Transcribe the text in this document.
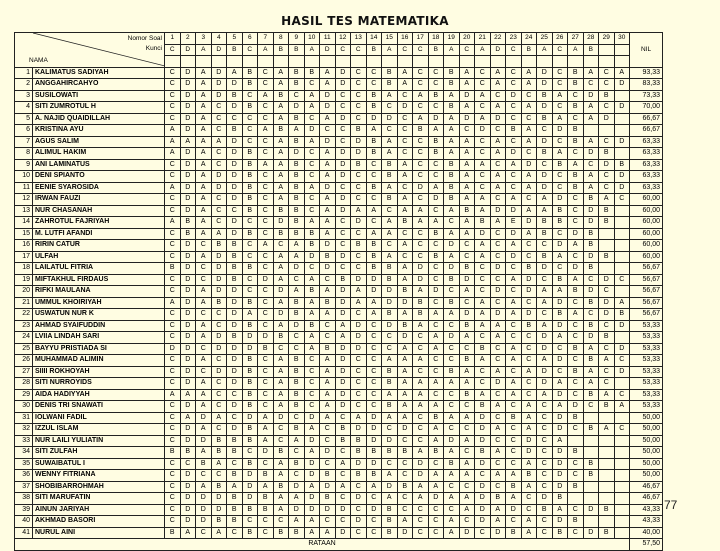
HASIL TES MATEMATIKA
Nomor Soal
Kunci
NAMA		1	2	3	4	5	6	7	8	9	10	11	12	13	14	15	16	17	18	19	20	21	22	23	24	25	26	27	28	29	30	NIL
		C	D	A	D	B	C	A	B	B	A	D	C	C	B	A	C	C	B	A	C	A	D	C	B	A	C	A	B			

1	KALIMATUS SADIYAH	C	D	A	D	A	B	C	A	B	B	A	D	C	C	B	A	C	C	B	A	C	A	C	A	D	C	B	A	C	A	93,33
2	ANGGAHIRCAHYO	C	D	A	D	D	B	C	A	B	C	A	D	C	C	B	A	C	C	B	A	C	A	C	A	D	C	B	C	C	D	83,33
3	SUSILOWATI	C	D	A	D	B	C	A	B	C	A	D	C	C	B	A	C	A	B	A	D	A	C	D	C	B	A	C	D	B		73,33
4	SITI ZUMROTUL H	C	D	A	C	D	B	C	A	D	A	D	C	C	B	C	D	C	C	B	A	C	A	C	A	D	C	B	A	C	D	70,00
5	A. NAJID QUAIDILLAH	C	D	A	C	C	C	C	A	B	C	A	D	C	D	D	C	A	D	A	D	A	D	C	C	B	A	C	A	D		66,67
6	KRISTINA AYU	A	D	A	C	B	C	A	B	A	D	C	C	B	A	C	C	B	A	A	C	D	C	B	A	C	D	B				66,67
7	AGUS SALIM	A	A	A	A	D	C	C	A	B	A	D	C	D	B	A	C	C	B	A	A	C	A	C	A	D	C	B	A	C	D	63,33
8	ALIMUL HAKIM	A	D	A	C	D	B	C	A	D	C	A	D	D	B	A	C	C	B	A	A	C	A	D	C	B	A	C	D	B		63,33
9	ANI LAMINATUS	C	D	A	C	D	B	A	A	B	C	A	D	B	C	B	A	C	C	B	A	A	C	A	D	C	B	A	C	D	B	63,33
10	DENI SPIANTO	C	D	A	D	D	B	C	A	B	C	A	D	C	C	B	A	C	C	B	A	C	A	C	A	D	C	B	A	C	D	63,33
11	EENIE SYAROSIDA	A	D	A	D	D	B	C	A	B	A	D	C	C	B	A	C	D	A	B	A	C	A	C	A	D	C	B	A	C	D	63,33
12	IRWAN FAUZI	C	D	A	C	D	B	C	A	B	C	A	D	C	C	B	A	C	D	B	A	A	C	A	C	A	D	C	B	A	C	60,00
13	NUR CHASANAH	C	D	A	C	C	B	C	B	B	C	A	D	A	A	C	A	A	C	A	B	A	D	D	A	A	B	C	D	B		60,00
14	ZAHROTUL FAJRIYAH	A	B	A	C	D	C	C	D	B	A	A	C	D	C	A	B	A	A	C	A	B	A	E	D	B	B	C	D	B		60,00
15	M. LUTFI AFANDI	C	B	A	A	D	B	C	B	B	B	A	C	C	A	A	C	C	B	A	A	D	C	D	A	B	C	D	B			60,00
16	RIRIN CATUR	C	D	C	B	B	C	A	C	A	B	D	C	B	B	C	A	C	C	D	C	A	C	A	C	C	D	A	B			60,00
17	ULFAH	C	D	A	D	B	C	C	A	A	D	B	D	C	B	A	C	C	B	A	C	A	C	D	C	B	A	C	D	B		60,00
18	LAILATUL FITRIA	B	D	C	D	B	B	C	A	D	C	D	C	C	B	B	A	D	C	D	B	C	D	C	B	D	C	D	B			56,67
19	MIFTAKHUL FIRDAUS	C	D	C	D	B	C	D	A	C	A	C	B	D	D	B	A	D	C	B	D	C	C	A	D	C	B	A	C	D	C	56,67
20	RIFKI MAULANA	C	D	A	D	D	C	C	D	A	B	A	D	A	D	D	B	A	D	C	A	C	D	C	D	A	A	B	D	C		56,67
21	UMMUL KHOIRIYAH	A	D	A	B	D	B	C	A	B	A	B	D	A	A	D	D	B	C	B	C	A	C	A	C	A	D	C	B	D	A	56,67
22	USWATUN NUR K	C	D	C	C	D	A	C	D	B	A	A	D	C	A	B	A	B	A	A	D	A	D	A	D	C	B	A	C	D	B	56,67
23	AHMAD SYAIFUDDIN	C	D	A	C	D	B	C	A	D	B	C	A	D	C	D	B	A	C	C	B	A	A	C	B	A	D	C	B	C	D	53,33
24	LVIIA LINDAH SARI	C	D	A	D	B	D	D	B	C	A	C	A	D	C	C	D	C	A	D	A	C	A	C	C	D	A	C	D	B		53,33
25	BAYYU PRISTIADA SI	D	D	C	D	D	D	B	C	C	A	B	D	D	C	C	A	C	A	C	C	B	C	A	C	D	C	B	A	C	D	53,33
26	MUHAMMAD ALIMIN	C	D	A	C	D	B	C	A	B	C	A	D	C	C	A	A	A	C	C	B	A	C	A	C	A	D	C	B	A	C	53,33
27	SIIII ROKHOYAH	C	D	C	D	D	B	C	A	B	C	A	D	C	C	B	A	C	C	B	A	C	A	C	A	D	C	B	A	C	D	53,33
28	SITI NURROYIDS	C	D	A	C	D	B	C	A	B	C	A	D	C	C	B	A	A	A	A	A	C	D	A	C	D	A	C	A	C		53,33
29	AIDA HADIYYAH	A	A	A	C	C	B	C	A	B	C	A	D	C	C	A	A	A	C	C	B	A	C	A	C	A	D	C	B	A	C	53,33
30	DENIS TRI SNAWATI	C	D	A	C	D	B	C	A	B	C	A	D	C	C	B	A	A	A	C	C	B	A	C	A	C	A	D	C	B	A	53,33
31	IOLWANI FADIL	C	A	D	A	C	D	A	D	C	D	A	C	A	D	A	A	C	B	A	A	D	C	B	A	C	D	B				50,00
32	IZZUL ISLAM	C	D	A	C	D	B	A	C	B	A	C	B	D	D	C	D	C	A	C	C	D	A	C	A	C	D	C	B	A	C	50,00
33	NUR LAILI YULIATIN	C	D	D	B	B	B	A	C	A	D	C	B	B	D	D	C	C	A	D	A	D	C	C	D	C	A					50,00
34	SITI ZULFAH	B	B	A	B	B	C	D	B	C	A	D	C	B	B	B	B	A	B	A	C	B	A	C	D	C	D	B				50,00
35	SUWAIBATUL I	C	C	B	A	C	B	C	A	B	D	C	A	D	D	C	C	D	C	B	A	D	C	C	A	C	D	C	B			50,00
36	WENNY FITRIANA	C	D	C	C	B	D	B	A	C	D	B	C	B	B	A	C	D	A	A	A	C	A	A	B	C	D	C	B			50,00
37	SHOBIBARROHMAH	C	D	A	B	A	D	A	B	D	A	D	A	C	A	D	B	A	A	C	C	D	C	B	A	C	D	B				46,67
38	SITI MARUFATIN	C	D	D	D	B	D	B	A	A	D	B	C	D	C	A	C	A	D	A	A	D	B	A	C	D	B					46,67
39	AINUN JARIYAH	C	D	D	D	B	B	B	A	D	D	D	D	C	D	B	C	C	C	C	A	D	A	D	C	B	A	C	D	B		43,33
40	AKHMAD BASORI	C	D	D	B	B	C	C	C	A	A	C	C	D	C	B	A	C	C	A	C	D	A	C	A	C	D	B				43,33
41	NURUL AINI	B	A	C	A	C	B	C	B	B	A	A	D	C	C	B	D	C	C	A	D	C	D	B	A	C	B	C	D	B		40,00
RATAAN																																57,50
77
